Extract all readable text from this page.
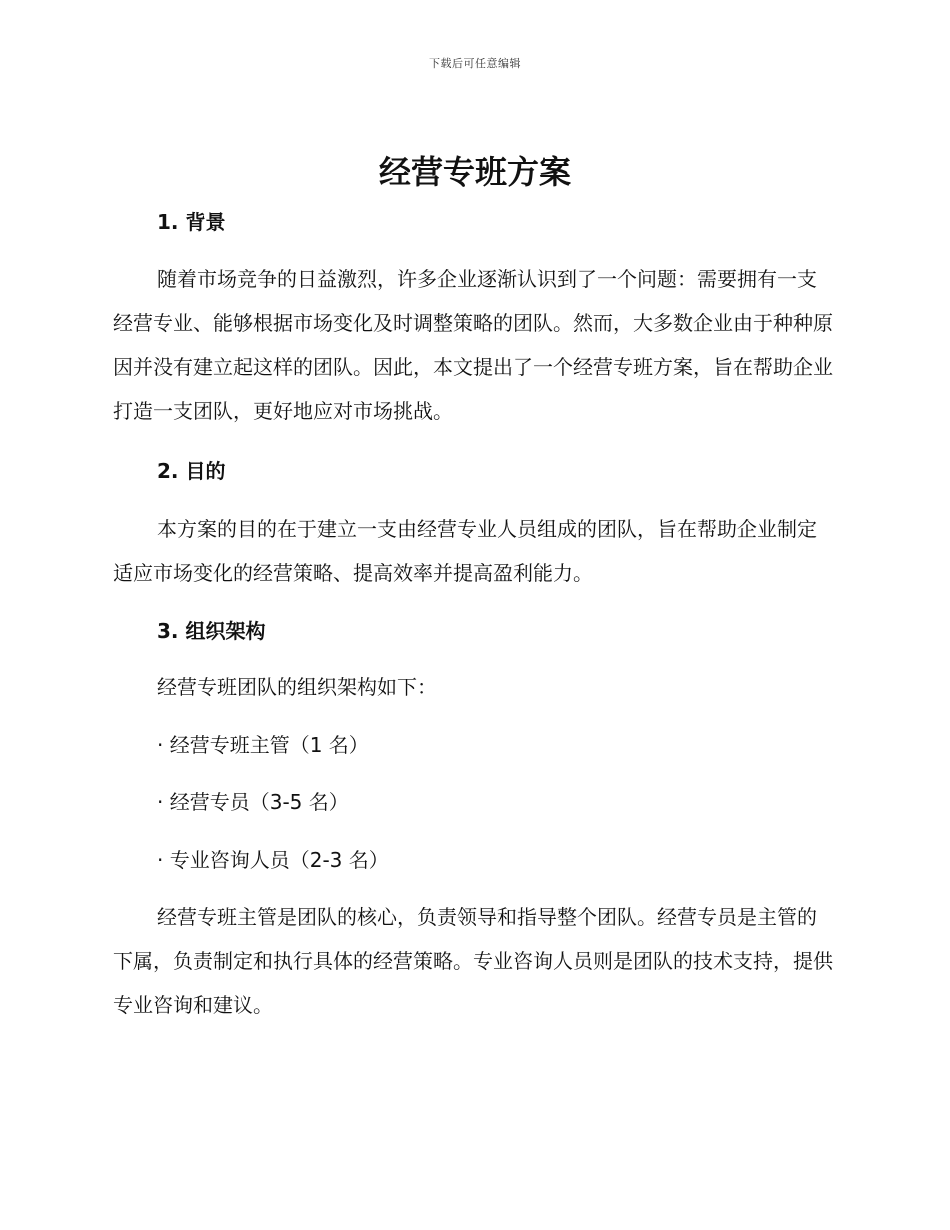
下载后可任意编辑
经营专班方案
1. 背景
随着市场竞争的日益激烈，许多企业逐渐认识到了一个问题：需要拥有一支经营专业、能够根据市场变化及时调整策略的团队。然而，大多数企业由于种种原因并没有建立起这样的团队。因此，本文提出了一个经营专班方案，旨在帮助企业打造一支团队，更好地应对市场挑战。
2. 目的
本方案的目的在于建立一支由经营专业人员组成的团队，旨在帮助企业制定适应市场变化的经营策略、提高效率并提高盈利能力。
3. 组织架构
经营专班团队的组织架构如下：
· 经营专班主管（1 名）
· 经营专员（3-5 名）
· 专业咨询人员（2-3 名）
经营专班主管是团队的核心，负责领导和指导整个团队。经营专员是主管的下属，负责制定和执行具体的经营策略。专业咨询人员则是团队的技术支持，提供专业咨询和建议。
